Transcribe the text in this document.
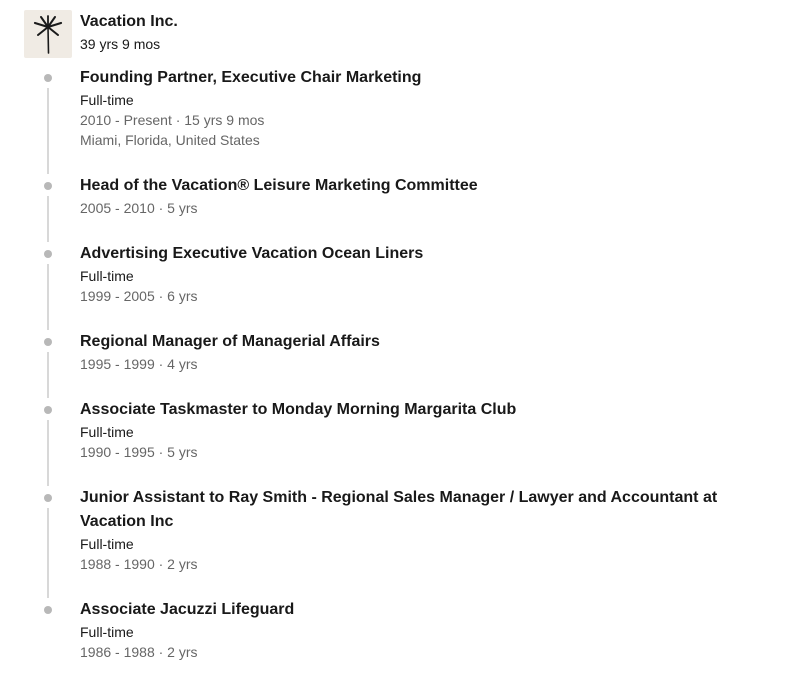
Vacation Inc.
39 yrs 9 mos
Founding Partner, Executive Chair Marketing
Full-time
2010 - Present · 15 yrs 9 mos
Miami, Florida, United States
Head of the Vacation® Leisure Marketing Committee
2005 - 2010 · 5 yrs
Advertising Executive Vacation Ocean Liners
Full-time
1999 - 2005 · 6 yrs
Regional Manager of Managerial Affairs
1995 - 1999 · 4 yrs
Associate Taskmaster to Monday Morning Margarita Club
Full-time
1990 - 1995 · 5 yrs
Junior Assistant to Ray Smith - Regional Sales Manager / Lawyer and Accountant at Vacation Inc
Full-time
1988 - 1990 · 2 yrs
Associate Jacuzzi Lifeguard
Full-time
1986 - 1988 · 2 yrs
